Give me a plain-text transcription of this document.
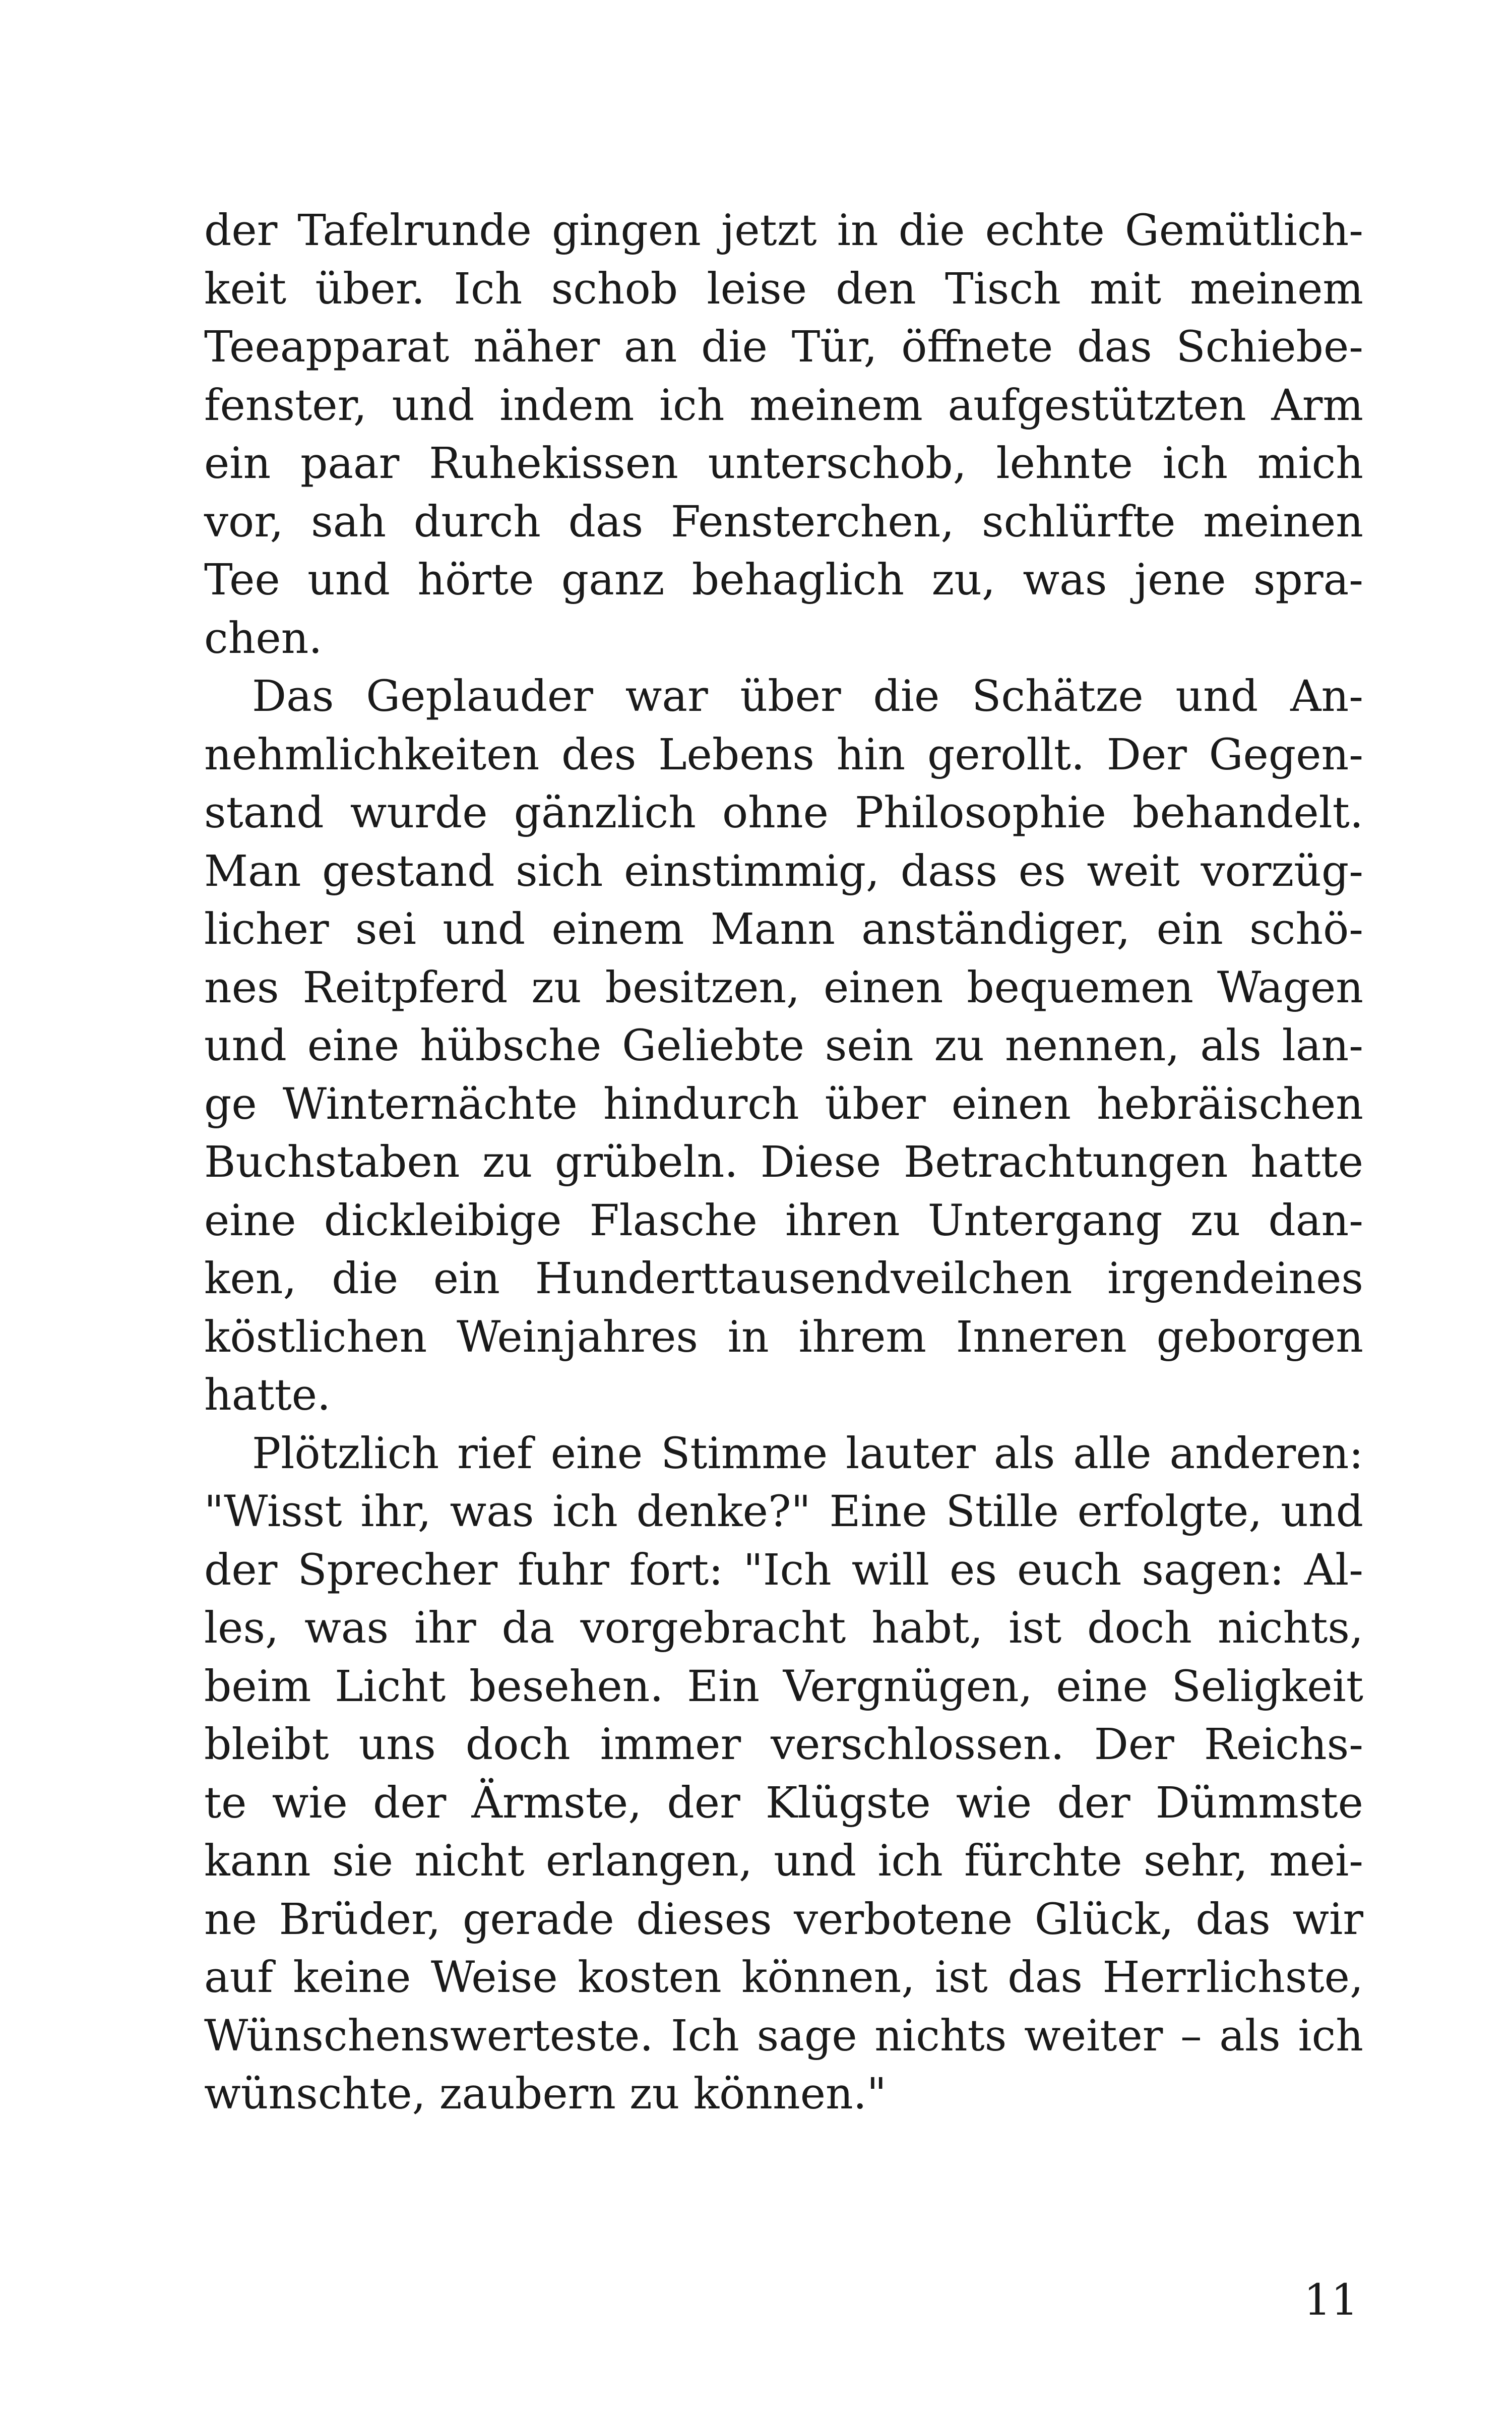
der Tafelrunde gingen jetzt in die echte Gemütlich-
keit über. Ich schob leise den Tisch mit meinem
Teeapparat näher an die Tür, öffnete das Schiebe-
fenster, und indem ich meinem aufgestützten Arm
ein paar Ruhekissen unterschob, lehnte ich mich
vor, sah durch das Fensterchen, schlürfte meinen
Tee und hörte ganz behaglich zu, was jene spra-
chen.

Das Geplauder war über die Schätze und An-
nehmlichkeiten des Lebens hin gerollt. Der Gegen-
stand wurde gänzlich ohne Philosophie behandelt.
Man gestand sich einstimmig, dass es weit vorzüg-
licher sei und einem Mann anständiger, ein schö-
nes Reitpferd zu besitzen, einen bequemen Wagen
und eine hübsche Geliebte sein zu nennen, als lan-
ge Winternächte hindurch über einen hebräischen
Buchstaben zu grübeln. Diese Betrachtungen hatte
eine dickleibige Flasche ihren Untergang zu dan-
ken, die ein Hunderttausendveilchen irgendeines
köstlichen Weinjahres in ihrem Inneren geborgen
hatte.

Plötzlich rief eine Stimme lauter als alle anderen:
"Wisst ihr, was ich denke?" Eine Stille erfolgte, und
der Sprecher fuhr fort: "Ich will es euch sagen: Al-
les, was ihr da vorgebracht habt, ist doch nichts,
beim Licht besehen. Ein Vergnügen, eine Seligkeit
bleibt uns doch immer verschlossen. Der Reichs-
te wie der Ärmste, der Klügste wie der Dümmste
kann sie nicht erlangen, und ich fürchte sehr, mei-
ne Brüder, gerade dieses verbotene Glück, das wir
auf keine Weise kosten können, ist das Herrlichste,
Wünschenswerteste. Ich sage nichts weiter – als ich
wünschte, zaubern zu können."

11
